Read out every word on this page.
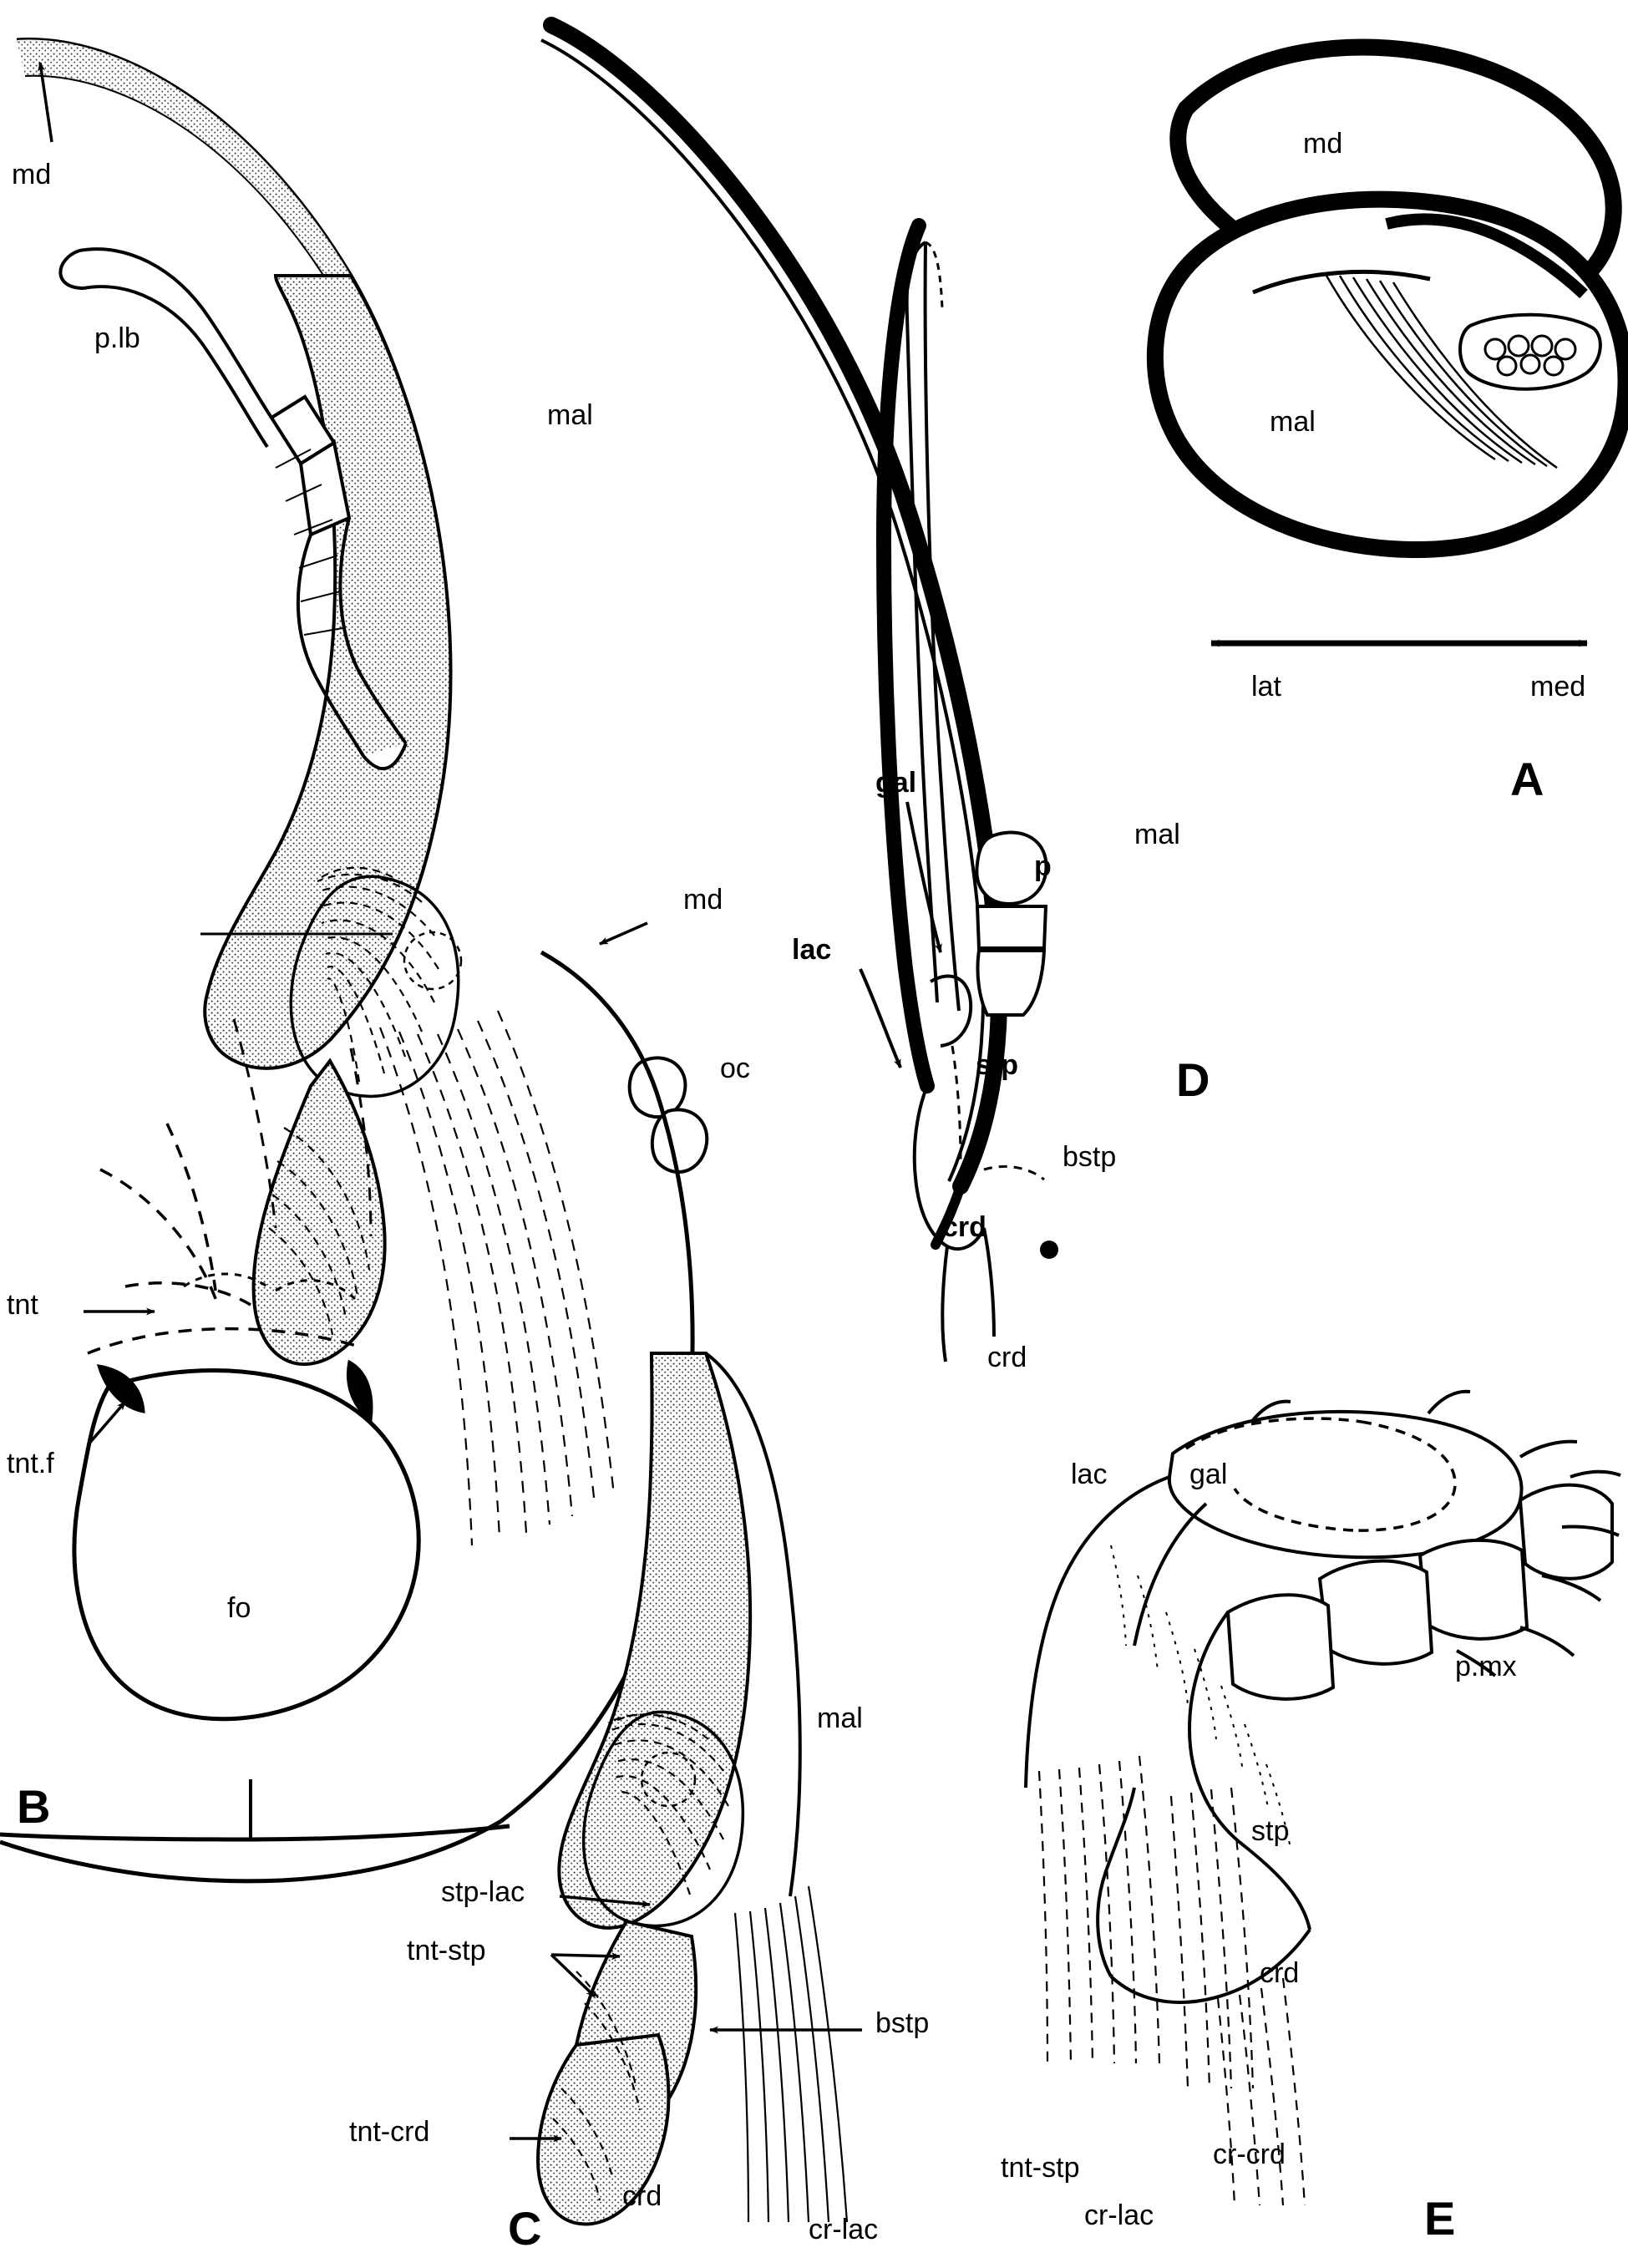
md
p.lb
mal
md
oc
tnt
tnt.f
fo
B
mal
stp-lac
tnt-stp
tnt-crd
bstp
crd
cr-lac
C
gal
lac
p
mal
stp
bstp
crd
crd
D
md
mal
lat	med
A
lac	gal
p.mx
stp
crd
tnt-stp
cr-lac
cr-crd
E
